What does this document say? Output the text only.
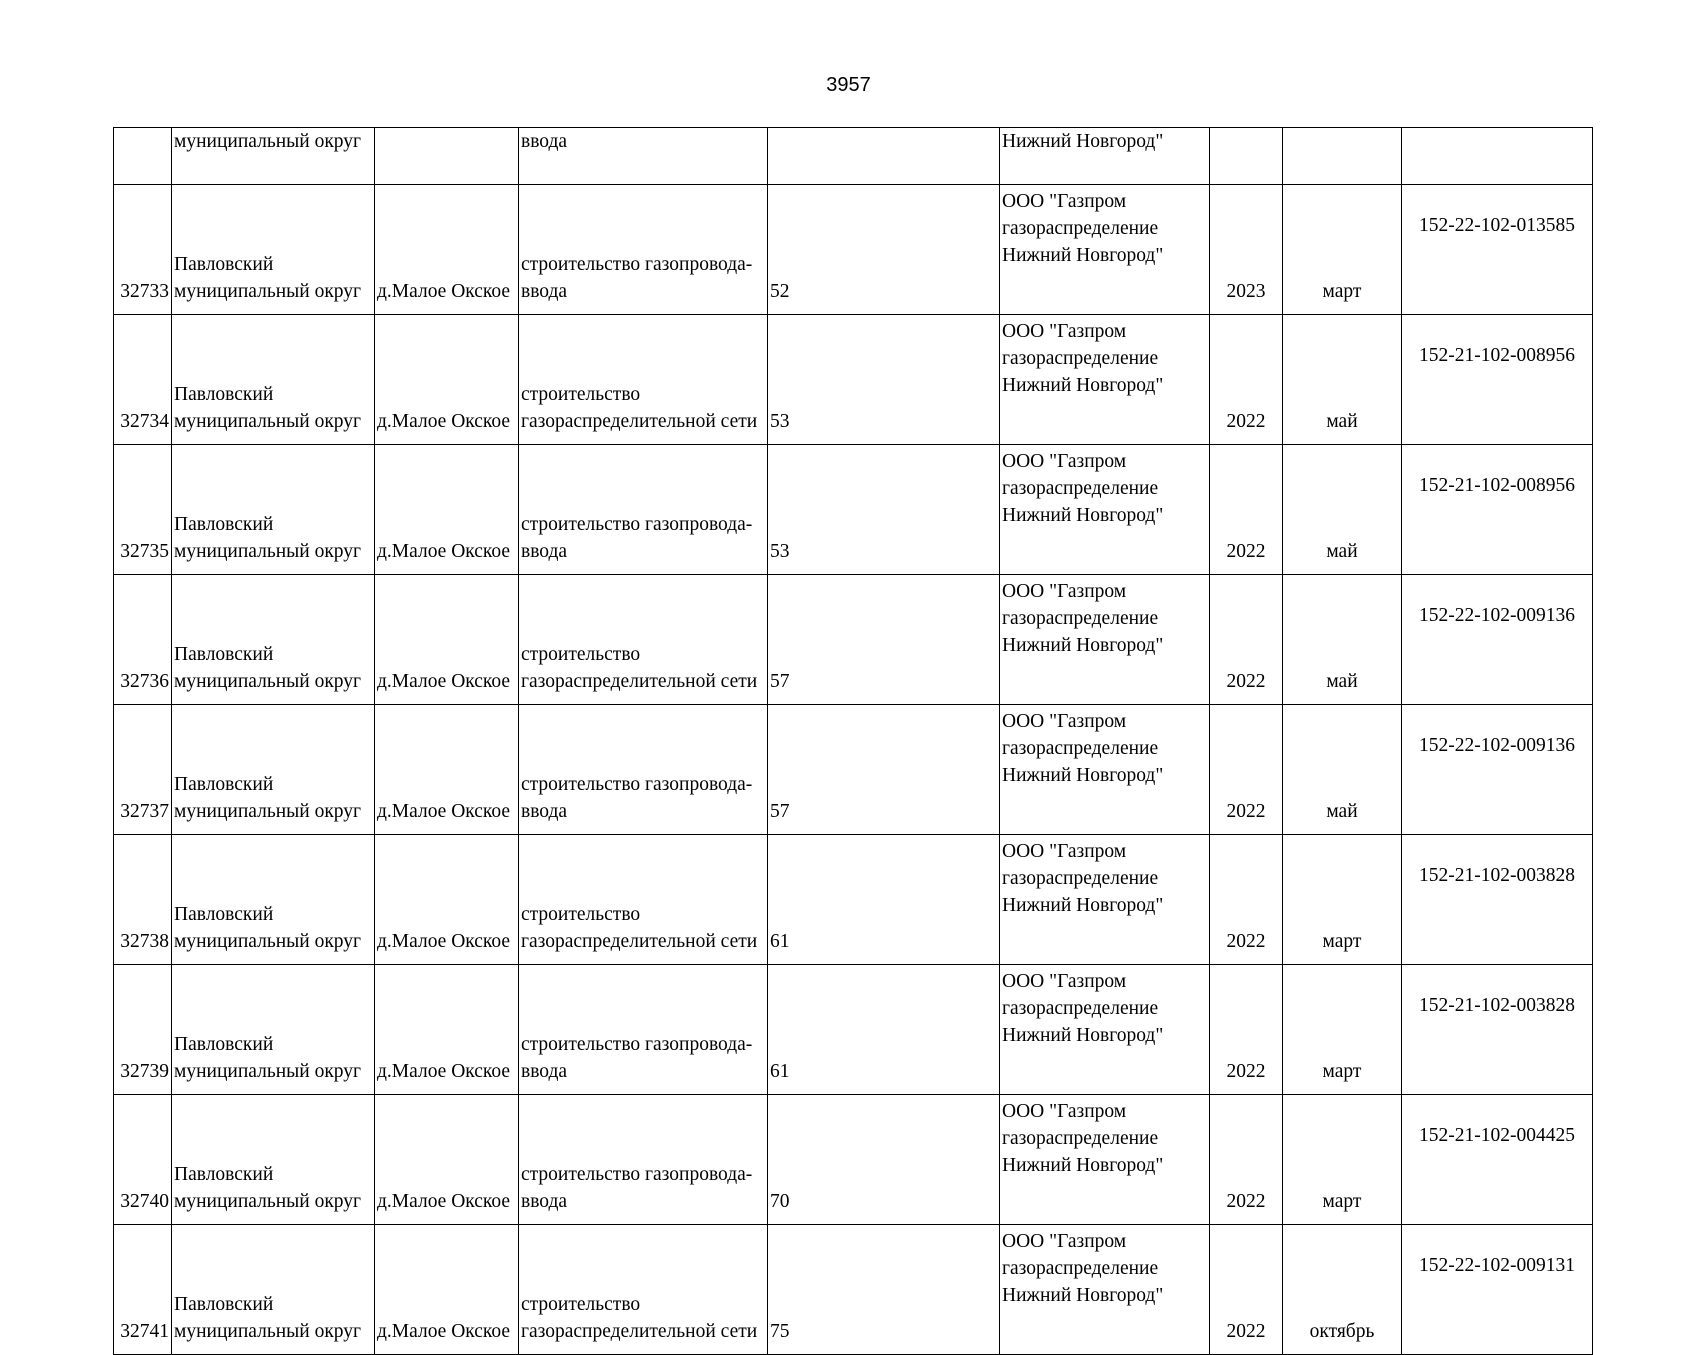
3957
	муниципальный округ		ввода		Нижний Новгород"			
32733	Павловский
муниципальный округ	д.Малое Окское	строительство газопровода-
ввода	52	ООО "Газпром
газораспределение
Нижний Новгород"	2023	март	152-22-102-013585
32734	Павловский
муниципальный округ	д.Малое Окское	строительство
газораспределительной сети	53	ООО "Газпром
газораспределение
Нижний Новгород"	2022	май	152-21-102-008956
32735	Павловский
муниципальный округ	д.Малое Окское	строительство газопровода-
ввода	53	ООО "Газпром
газораспределение
Нижний Новгород"	2022	май	152-21-102-008956
32736	Павловский
муниципальный округ	д.Малое Окское	строительство
газораспределительной сети	57	ООО "Газпром
газораспределение
Нижний Новгород"	2022	май	152-22-102-009136
32737	Павловский
муниципальный округ	д.Малое Окское	строительство газопровода-
ввода	57	ООО "Газпром
газораспределение
Нижний Новгород"	2022	май	152-22-102-009136
32738	Павловский
муниципальный округ	д.Малое Окское	строительство
газораспределительной сети	61	ООО "Газпром
газораспределение
Нижний Новгород"	2022	март	152-21-102-003828
32739	Павловский
муниципальный округ	д.Малое Окское	строительство газопровода-
ввода	61	ООО "Газпром
газораспределение
Нижний Новгород"	2022	март	152-21-102-003828
32740	Павловский
муниципальный округ	д.Малое Окское	строительство газопровода-
ввода	70	ООО "Газпром
газораспределение
Нижний Новгород"	2022	март	152-21-102-004425
32741	Павловский
муниципальный округ	д.Малое Окское	строительство
газораспределительной сети	75	ООО "Газпром
газораспределение
Нижний Новгород"	2022	октябрь	152-22-102-009131
